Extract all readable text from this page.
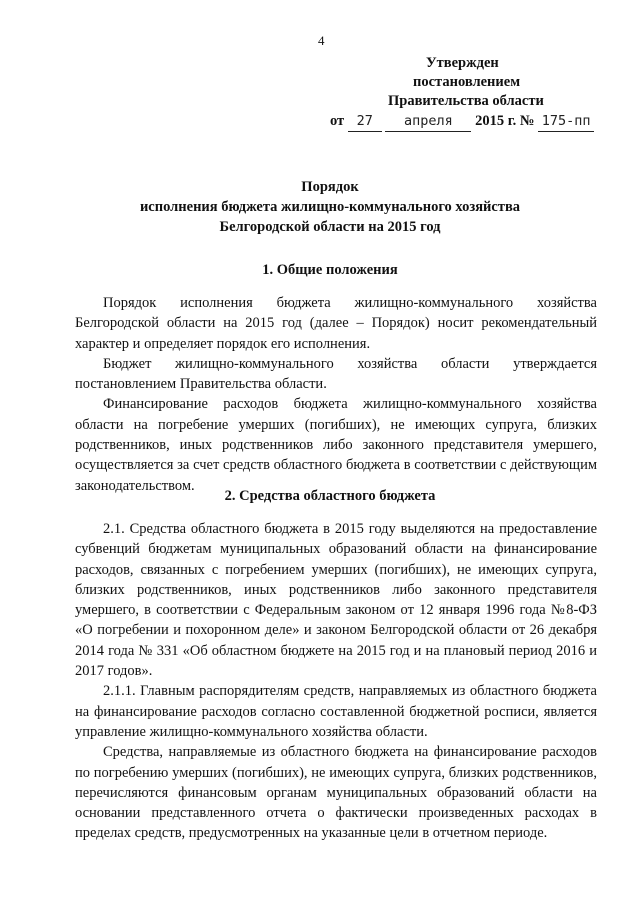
4
Утвержден
постановлением
Правительства области
от 27 апреля 2015 г. № 175-пп
Порядок
исполнения бюджета жилищно-коммунального хозяйства
Белгородской области на 2015 год
1. Общие положения

Порядок исполнения бюджета жилищно-коммунального хозяйства Белгородской области на 2015 год (далее – Порядок) носит рекомендательный характер и определяет порядок его исполнения.

Бюджет жилищно-коммунального хозяйства области утверждается постановлением Правительства области.

Финансирование расходов бюджета жилищно-коммунального хозяйства области на погребение умерших (погибших), не имеющих супруга, близких родственников, иных родственников либо законного представителя умершего, осуществляется за счет средств областного бюджета в соответствии с действующим законодательством.

2. Средства областного бюджета

2.1. Средства областного бюджета в 2015 году выделяются на предоставление субвенций бюджетам муниципальных образований области на финансирование расходов, связанных с погребением умерших (погибших), не имеющих супруга, близких родственников, иных родственников либо законного представителя умершего, в соответствии с Федеральным законом от 12 января 1996 года №8-ФЗ «О погребении и похоронном деле» и законом Белгородской области от 26 декабря 2014 года № 331 «Об областном бюджете на 2015 год и на плановый период 2016 и 2017 годов».

2.1.1. Главным распорядителям средств, направляемых из областного бюджета на финансирование расходов согласно составленной бюджетной росписи, является управление жилищно-коммунального хозяйства области.

Средства, направляемые из областного бюджета на финансирование расходов по погребению умерших (погибших), не имеющих супруга, близких родственников, перечисляются финансовым органам муниципальных образований области на основании представленного отчета о фактически произведенных расходах в пределах средств, предусмотренных на указанные цели в отчетном периоде.
